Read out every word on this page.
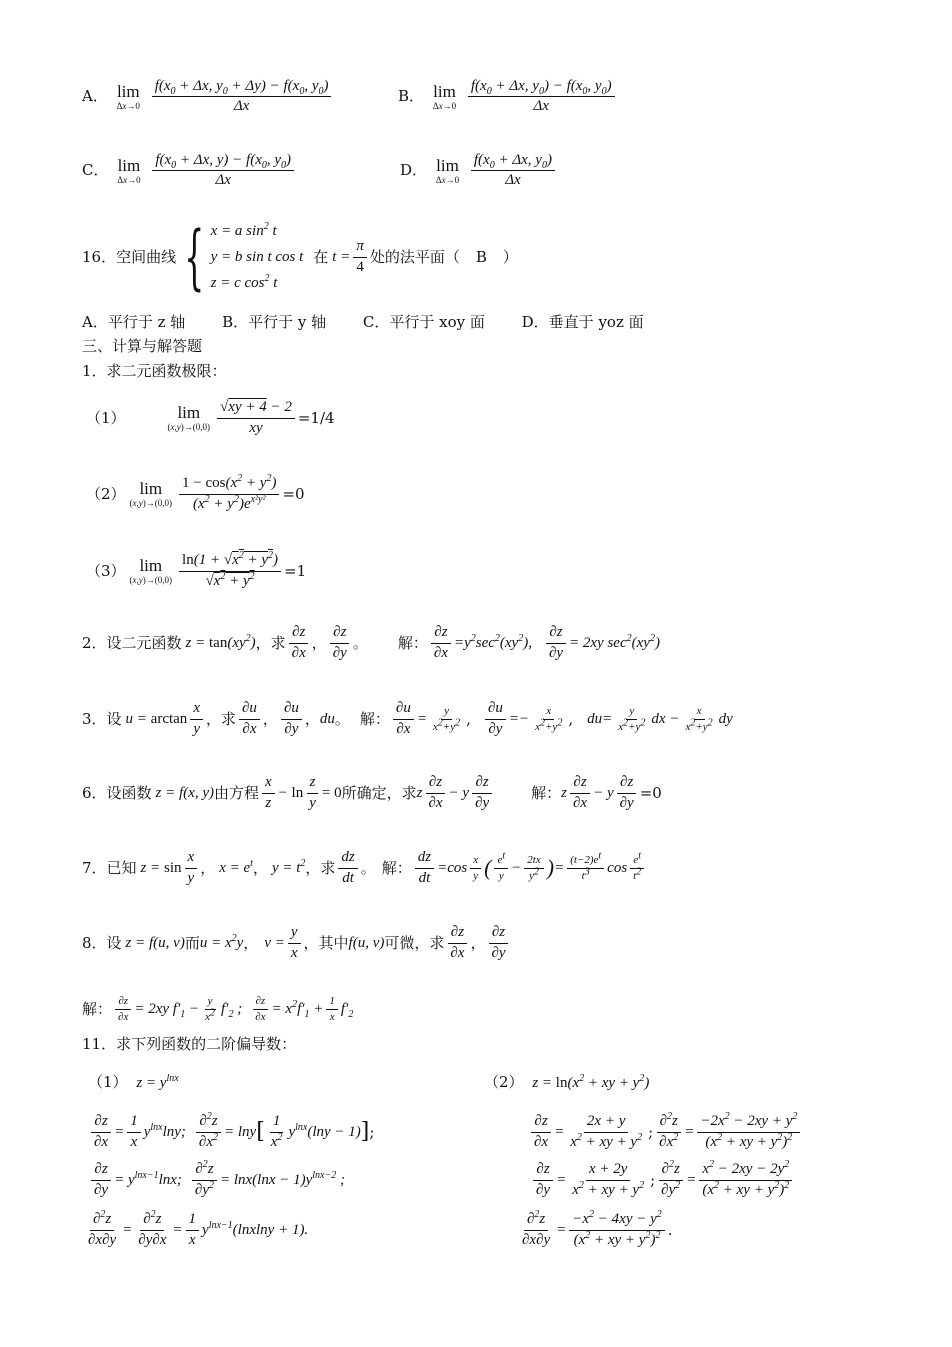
A． lim
Δx→0
$\frac{f(x_0 + \Delta x, y_0 + \Delta y) - f(x_0, y_0)}{\Delta x}$	B． lim
Δx→0
$\frac{f(x_0 + \Delta x, y_0) - f(x_0, y_0)}{\Delta x}$
C． lim
Δx→0
$\frac{f(x_0 + \Delta x, y) - f(x_0, y_0)}{\Delta x}$	D． lim
Δx→0
$\frac{f(x_0 + \Delta x, y_0)}{\Delta x}$
16． 空间曲线 { x = a $\sin^2 t$
y = b sin t cos t
z = c $\cos^2 t$
在 $t = \frac{\pi}{4}$ 处的法平面（ B ）
A．平行于 z 轴 B．平行于 y 轴 C．平行于 xoy 面 D．垂直于 yoz 面
三、计算与解答题
1．求二元函数极限：
（1）	lim
$(x,y)\to(0,0) \frac{√xy + 4 - 2}{xy} =1/4$
（2） lim
$(x,y)\to(0,0) \frac{1 - \cos(x^2 + y^2)}{(x^2 + y^2)e^{x^2y^2}} =0$
（3） lim
$(x,y)\to(0,0) \frac{\ln(1 + √x^2 + y^2)}{√x^2 + y^2} =1$
2．设二元函数 $z = \tan(xy^2)$ ，求 $\frac{\partial z}{\partial x}$ ， $\frac{\partial z}{\partial y}$ 。 解： $\frac{\partial z}{\partial x} =y^2\sec^2(xy^2)$, $\frac{\partial z}{\partial y} = 2xy$ $\sec^2(xy^2)$
3．设 $u = \arctan \frac{x}{y}$ ，求 $\frac{\partial u}{\partial x}$ ， $\frac{\partial u}{\partial y}$ ， du 。 解： $\frac{\partial u}{\partial x} = \frac{y}{x^2+y^2}$ , $\frac{\partial u}{\partial y} =- \frac{x}{x^2+y^2}$ , $du= \frac{y}{x^2+y^2}$ dx − $\frac{x}{x^2+y^2}$ dy
6．设函数 z = f(x, y) 由方程 $\frac{x}{z} - \ln \frac{z}{y} = 0$ 所确定，求 z $\frac{\partial z}{\partial x} - y \frac{\partial z}{\partial y}$	解： z $\frac{\partial z}{\partial x} - y \frac{\partial z}{\partial y} =0$
7．已知 $z = \sin \frac{x}{y}$ ， $x = e^t$ ， $y = t^2$ ，求 $\frac{dz}{dt}$ 。 解： $\frac{dz}{dt} =\cos \frac{x}{y}$ ( $\frac{e^t}{y} - \frac{2tx}{y^2}$ ) = $\frac{(t-2)e^t}{t^3}$ $\cos \frac{e^t}{t^2}$
8．设 z = f(u, v) 而 $u = x^2y$ ， $v = \frac{y}{x}$ ，其中 f(u, v) 可微，求 $\frac{\partial z}{\partial x}$ ， $\frac{\partial z}{\partial y}$
解： $\frac{\partial z}{\partial x} = 2xy$ $f'_1 - \frac{y}{x^2} f'_2$ ; $\frac{\partial z}{\partial x} = x^2f'_1 + \frac{1}{x} f'_2$
11．求下列函数的二阶偏导数：
（1） $z = y^{lnx}$	（2） $z = \ln(x^2$ + xy + $y^2$)
$\frac{\partial z}{\partial x} = \frac{1}{x} y^{lnx}\ln y$; $\frac{\partial^2z}{\partial x^2} = \ln y$ [ $\frac{1}{x^2} y^{lnx}(\ln y - 1)$ ] ;
$\frac{\partial z}{\partial y} = y^{lnx-1}\ln x$; $\frac{\partial^2z}{\partial y^2} = \ln x(\ln x - 1)y^{lnx-2}$ ;
$\frac{\partial^2z}{\partial x\partial y} = \frac{\partial^2z}{\partial y\partial x} = \frac{1}{x} y^{lnx-1}(lnxlny + 1)$.
$\frac{\partial z}{\partial x} = \frac{2x + y}{x^2 + xy + y^2}$ ; $\frac{\partial^2z}{\partial x^2} = \frac{-2x^2 - 2xy + y^2}{(x^2 + xy + y^2)^2}$
$\frac{\partial z}{\partial y} = \frac{x + 2y}{x^2 + xy + y^2}$ ; $\frac{\partial^2z}{\partial y^2} = \frac{x^2 - 2xy - 2y^2}{(x^2 + xy + y^2)^2}$
$\frac{\partial^2z}{\partial x\partial y} = \frac{-x^2 - 4xy - y^2}{(x^2 + xy + y^2)^2}$ .
